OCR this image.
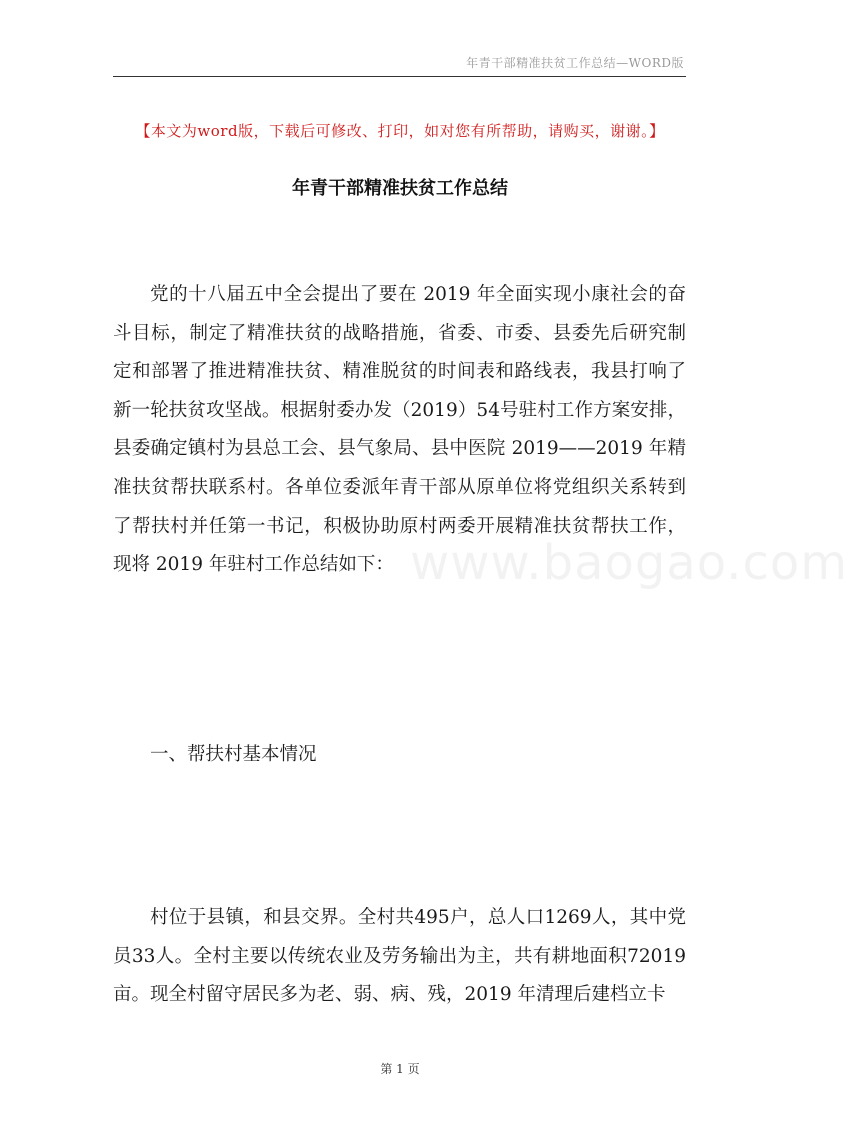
年青干部精准扶贫工作总结—WORD版
【本文为word版，下载后可修改、打印，如对您有所帮助，请购买，谢谢。】
年青干部精准扶贫工作总结

党的十八届五中全会提出了要在 2019 年全面实现小康社会的奋斗目标，制定了精准扶贫的战略措施，省委、市委、县委先后研究制定和部署了推进精准扶贫、精准脱贫的时间表和路线表，我县打响了新一轮扶贫攻坚战。根据射委办发（2019）54号驻村工作方案安排，县委确定镇村为县总工会、县气象局、县中医院 2019——2019 年精准扶贫帮扶联系村。各单位委派年青干部从原单位将党组织关系转到了帮扶村并任第一书记，积极协助原村两委开展精准扶贫帮扶工作，现将 2019 年驻村工作总结如下：

一、帮扶村基本情况

村位于县镇，和县交界。全村共495户，总人口1269人，其中党员33人。全村主要以传统农业及劳务输出为主，共有耕地面积72019亩。现全村留守居民多为老、弱、病、残，2019 年清理后建档立卡

www.baogao.com
第 1 页
